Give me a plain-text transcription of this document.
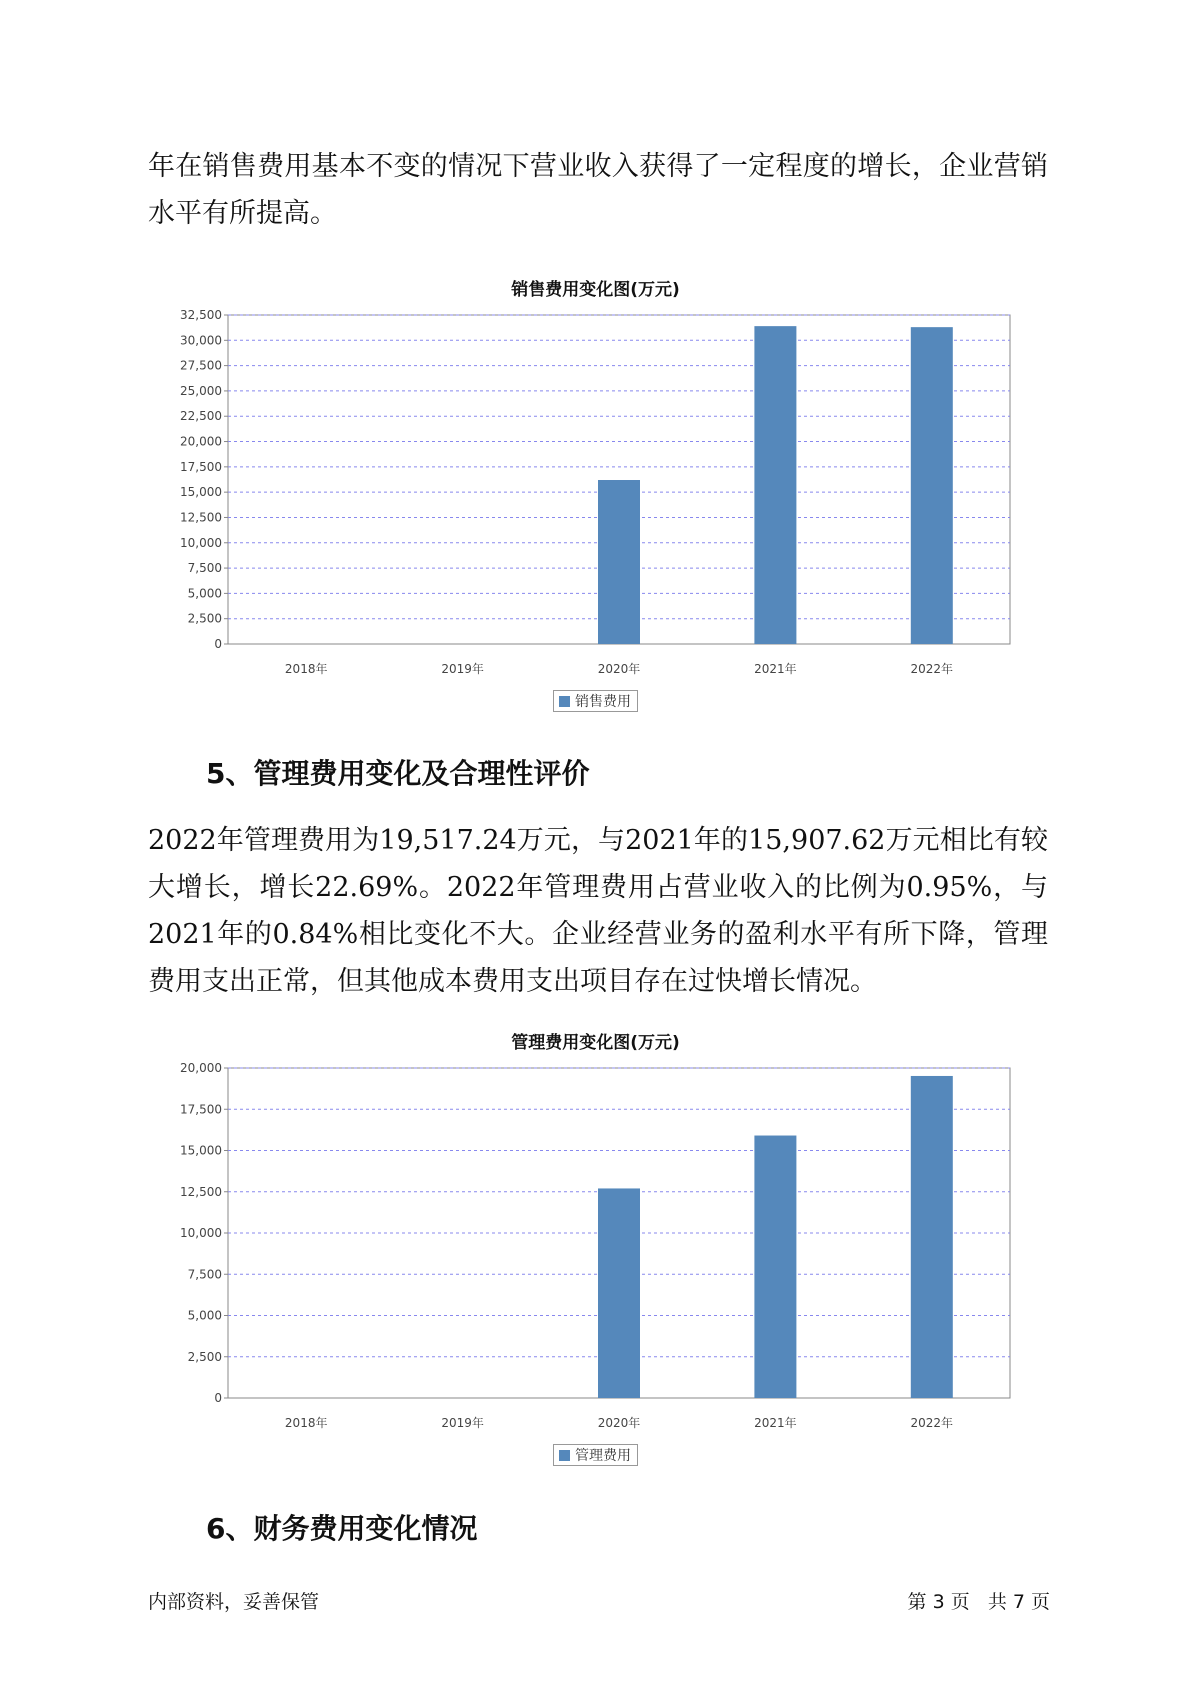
年在销售费用基本不变的情况下营业收入获得了一定程度的增长，企业营销水平有所提高。

销售费用变化图(万元)
0
2,500
5,000
7,500
10,000
12,500
15,000
17,500
20,000
22,500
25,000
27,500
30,000
32,500
2018年	2019年	2020年	2021年	2022年
销售费用
5、管理费用变化及合理性评价

2022年管理费用为19,517.24万元，与2021年的15,907.62万元相比有较大增长，增长22.69%。2022年管理费用占营业收入的比例为0.95%，与2021年的0.84%相比变化不大。企业经营业务的盈利水平有所下降，管理费用支出正常，但其他成本费用支出项目存在过快增长情况。

管理费用变化图(万元)
0
2,500
5,000
7,500
10,000
12,500
15,000
17,500
20,000
2018年	2019年	2020年	2021年	2022年
管理费用
6、财务费用变化情况
内部资料，妥善保管	第 3 页   共 7 页
